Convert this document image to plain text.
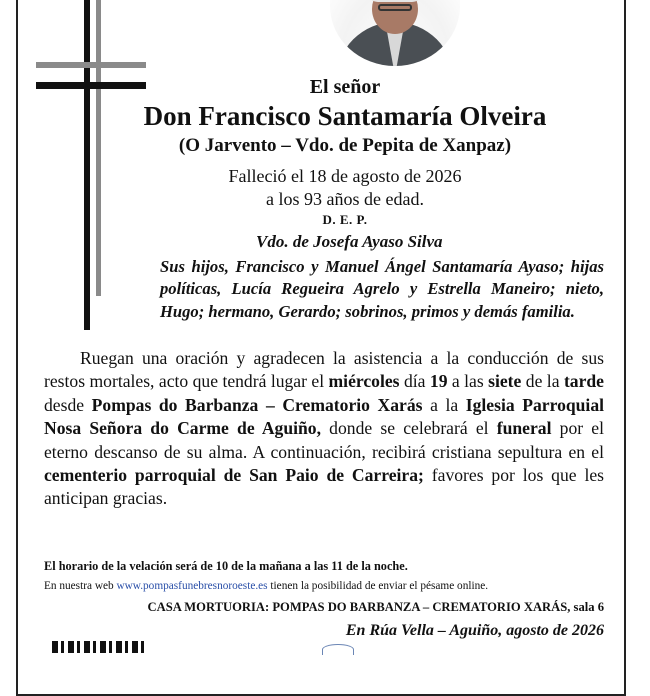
El señor

Don Francisco Santamaría Olveira

(O Jarvento – Vdo. de Pepita de Xanpaz)

Falleció el 18 de agosto de 2026

a los 93 años de edad.

D. E. P.

Vdo. de Josefa Ayaso Silva

Sus hijos, Francisco y Manuel Ángel Santamaría Ayaso; hijas políticas, Lucía Regueira Agrelo y Estrella Maneiro; nieto, Hugo; hermano, Gerardo; sobrinos, primos y demás familia.

Ruegan una oración y agradecen la asistencia a la conducción de sus restos mortales, acto que tendrá lugar el miércoles día 19 a las siete de la tarde desde Pompas do Barbanza – Crematorio Xarás a la Iglesia Parroquial Nosa Señora do Carme de Aguiño, donde se celebrará el funeral por el eterno descanso de su alma. A continuación, recibirá cristiana sepultura en el cementerio parroquial de San Paio de Carreira; favores por los que les anticipan gracias.

El horario de la velación será de 10 de la mañana a las 11 de la noche.

En nuestra web www.pompasfunebresnoroeste.es tienen la posibilidad de enviar el pésame online.

CASA MORTUORIA: POMPAS DO BARBANZA – CREMATORIO XARÁS, sala 6

En Rúa Vella – Aguiño, agosto de 2026
